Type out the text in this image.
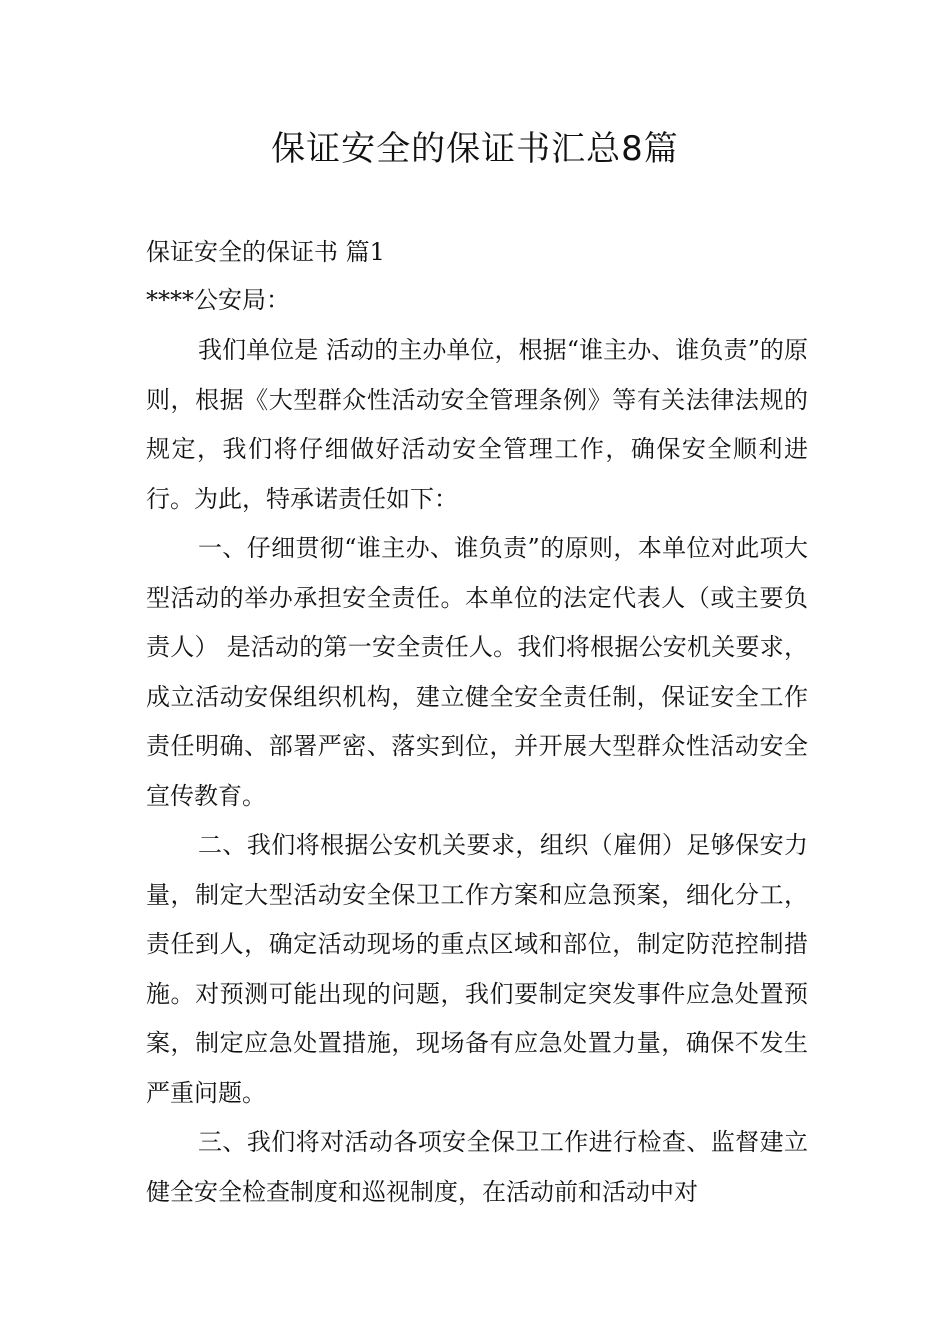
保证安全的保证书汇总8篇

保证安全的保证书 篇1

****公安局：

我们单位是 活动的主办单位，根据“谁主办、谁负责”的原则，根据《大型群众性活动安全管理条例》等有关法律法规的规定，我们将仔细做好活动安全管理工作，确保安全顺利进行。为此，特承诺责任如下：

一、仔细贯彻“谁主办、谁负责”的原则，本单位对此项大型活动的举办承担安全责任。本单位的法定代表人（或主要负责人） 是活动的第一安全责任人。我们将根据公安机关要求，成立活动安保组织机构，建立健全安全责任制，保证安全工作责任明确、部署严密、落实到位，并开展大型群众性活动安全宣传教育。

二、我们将根据公安机关要求，组织（雇佣）足够保安力量，制定大型活动安全保卫工作方案和应急预案，细化分工，责任到人，确定活动现场的重点区域和部位，制定防范控制措施。对预测可能出现的问题，我们要制定突发事件应急处置预案，制定应急处置措施，现场备有应急处置力量，确保不发生严重问题。

三、我们将对活动各项安全保卫工作进行检查、监督建立健全安全检查制度和巡视制度，在活动前和活动中对
